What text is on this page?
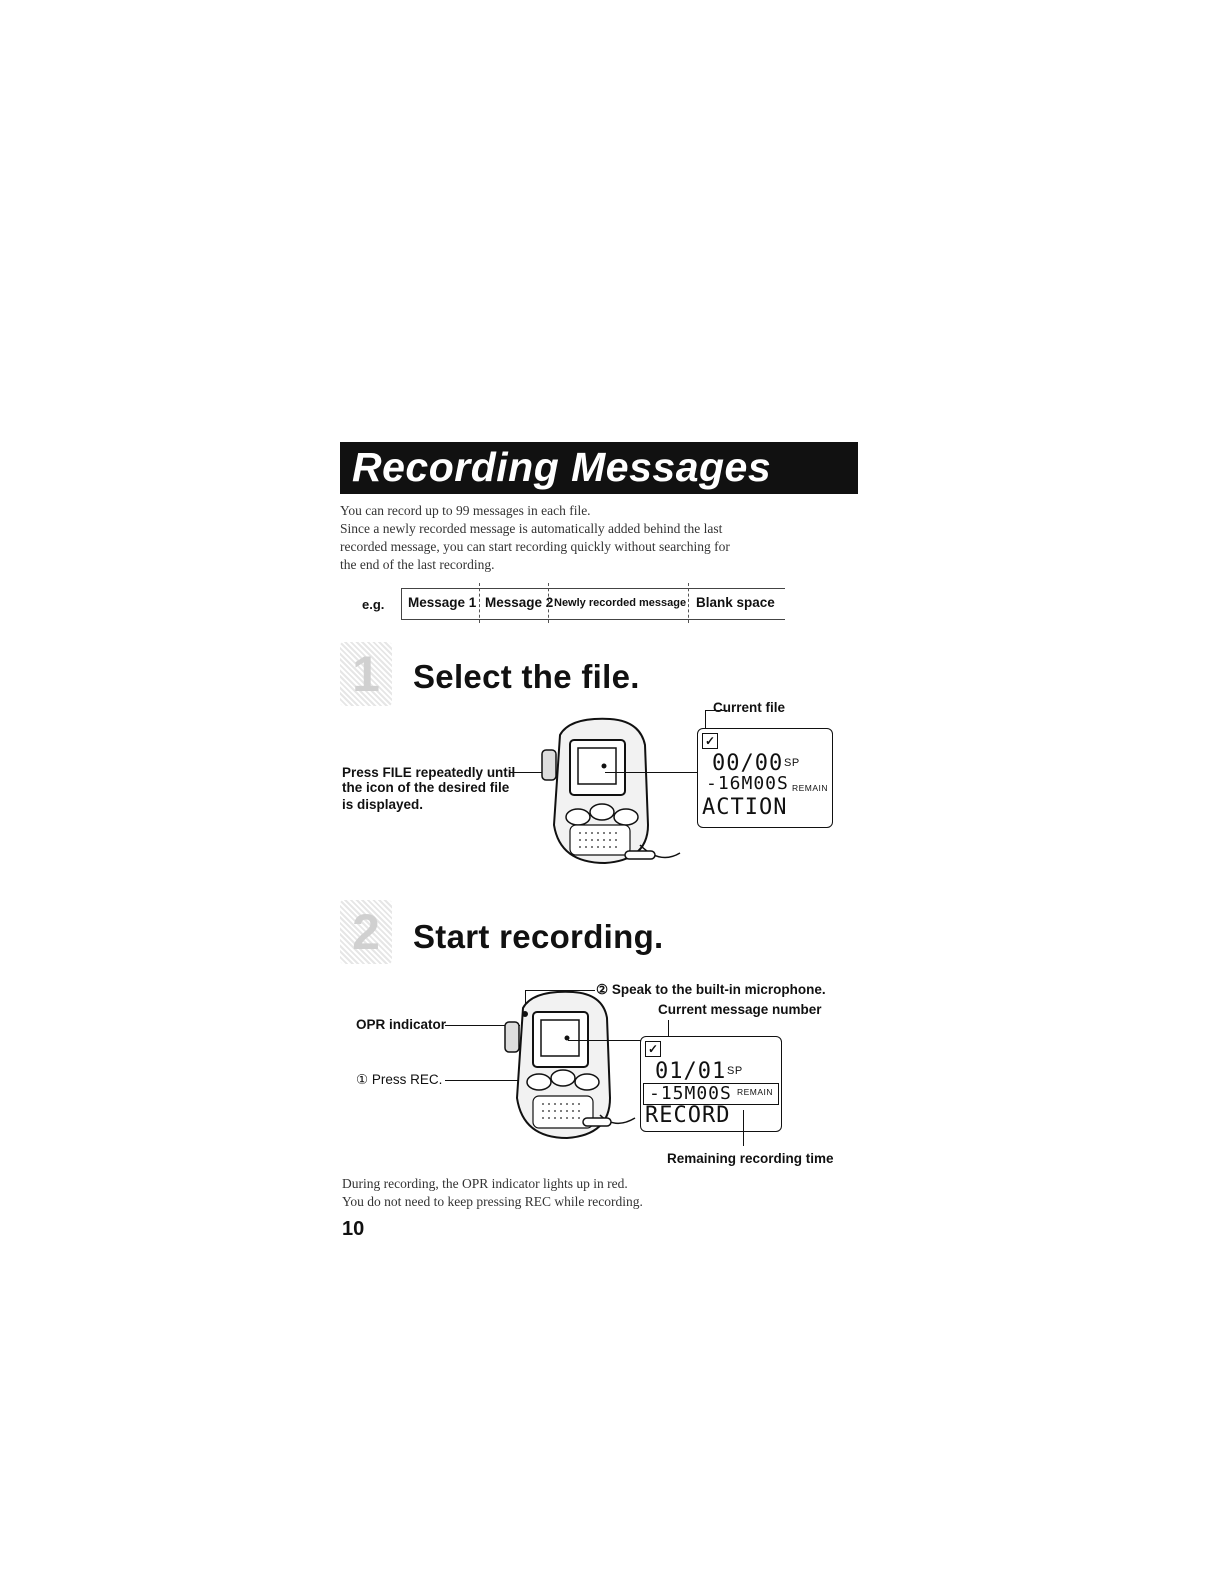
Recording Messages

You can record up to 99 messages in each file.

Since a newly recorded message is automatically added behind the last

recorded message, you can start recording quickly without searching for

the end of the last recording.

e.g. Message 1 Message 2 Newly recorded message Blank space
1	Select the file.
Current file
Press FILE repeatedly until
the icon of the desired file
is displayed.
✓
00/00 SP
-16M00S REMAIN
ACTION
2	Start recording.
② Speak to the built-in microphone.
Current message number
OPR indicator
① Press REC.
✓
01/01 SP
-15M00S REMAIN
RECORD
Remaining recording time

During recording, the OPR indicator lights up in red.

You do not need to keep pressing REC while recording.

10
